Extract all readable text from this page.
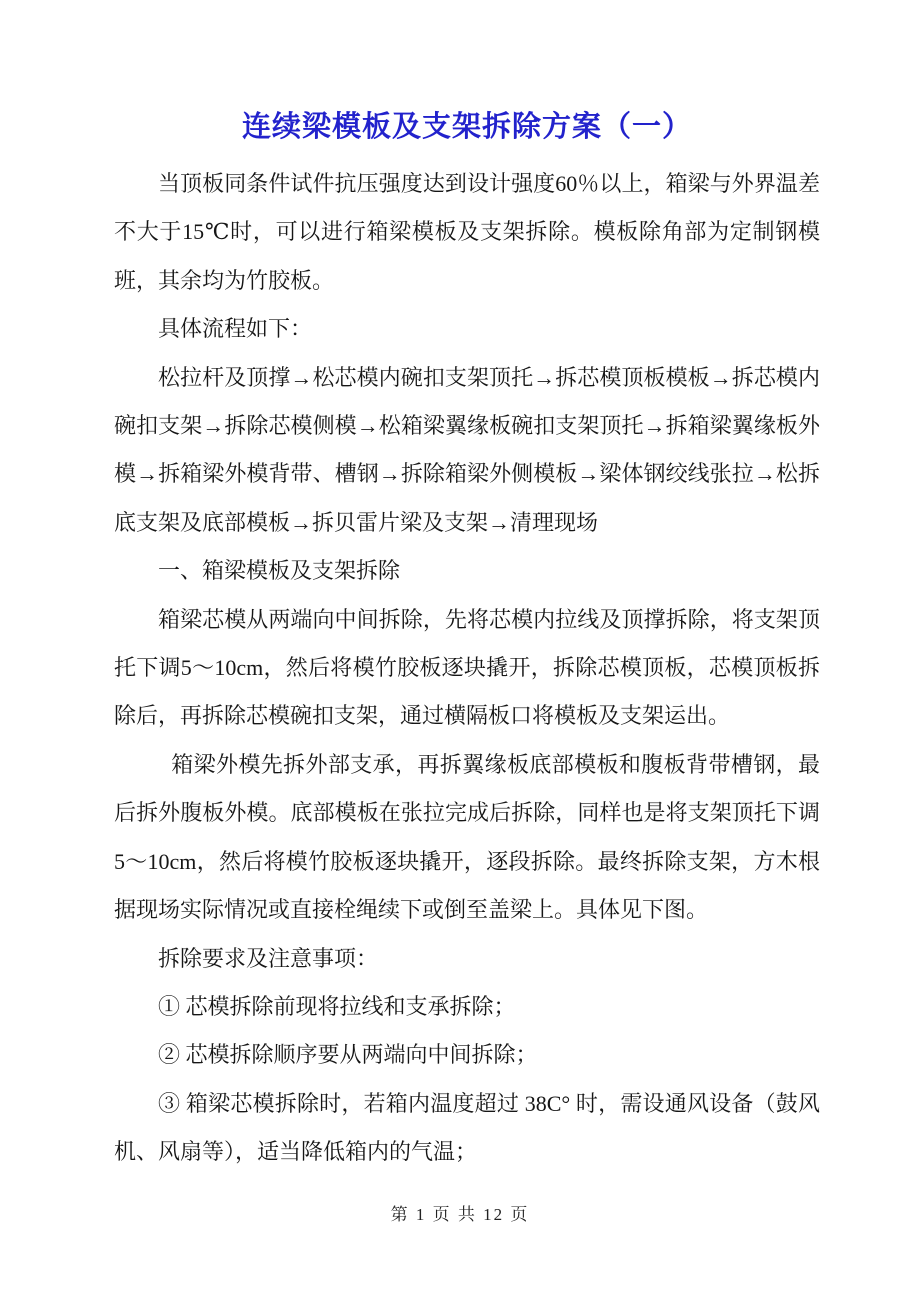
连续梁模板及支架拆除方案（一）

当顶板同条件试件抗压强度达到设计强度60％以上，箱梁与外界温差不大于15℃时，可以进行箱梁模板及支架拆除。模板除角部为定制钢模班，其余均为竹胶板。

具体流程如下：

松拉杆及顶撑→松芯模内碗扣支架顶托→拆芯模顶板模板→拆芯模内碗扣支架→拆除芯模侧模→松箱梁翼缘板碗扣支架顶托→拆箱梁翼缘板外模→拆箱梁外模背带、槽钢→拆除箱梁外侧模板→梁体钢绞线张拉→松拆底支架及底部模板→拆贝雷片梁及支架→清理现场

一、箱梁模板及支架拆除

箱梁芯模从两端向中间拆除，先将芯模内拉线及顶撑拆除，将支架顶托下调5～10cm，然后将模竹胶板逐块撬开，拆除芯模顶板，芯模顶板拆除后，再拆除芯模碗扣支架，通过横隔板口将模板及支架运出。

箱梁外模先拆外部支承，再拆翼缘板底部模板和腹板背带槽钢，最后拆外腹板外模。底部模板在张拉完成后拆除，同样也是将支架顶托下调5～10cm，然后将模竹胶板逐块撬开，逐段拆除。最终拆除支架，方木根据现场实际情况或直接栓绳续下或倒至盖梁上。具体见下图。

拆除要求及注意事项：

① 芯模拆除前现将拉线和支承拆除；

② 芯模拆除顺序要从两端向中间拆除；

③ 箱梁芯模拆除时，若箱内温度超过 38C° 时，需设通风设备（鼓风机、风扇等），适当降低箱内的气温；

第 1 页 共 12 页
